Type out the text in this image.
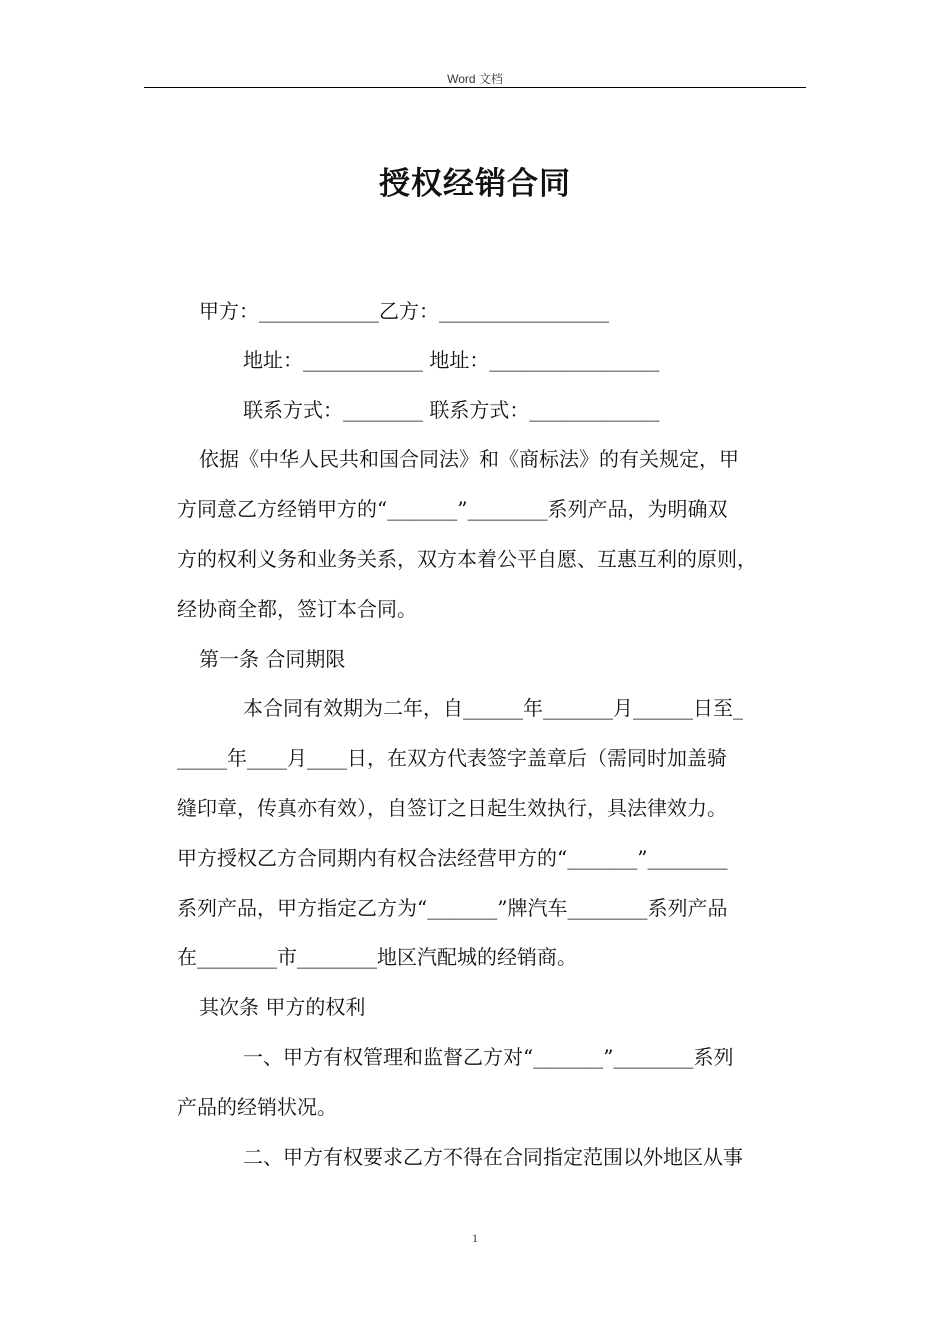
Word 文档
授权经销合同
甲方：____________乙方：_________________
地址：____________ 地址：_________________
联系方式：________ 联系方式：_____________
依据《中华人民共和国合同法》和《商标法》的有关规定，甲
方同意乙方经销甲方的“_______”________系列产品，为明确双
方的权利义务和业务关系，双方本着公平自愿、互惠互利的原则，
经协商全都，签订本合同。
第一条 合同期限
本合同有效期为二年，自______年_______月______日至_
_____年____月____日，在双方代表签字盖章后（需同时加盖骑
缝印章，传真亦有效），自签订之日起生效执行，具法律效力。
甲方授权乙方合同期内有权合法经营甲方的“_______”________
系列产品，甲方指定乙方为“_______”牌汽车________系列产品
在________市________地区汽配城的经销商。
其次条 甲方的权利
一、甲方有权管理和监督乙方对“_______”________系列
产品的经销状况。
二、甲方有权要求乙方不得在合同指定范围以外地区从事
1
